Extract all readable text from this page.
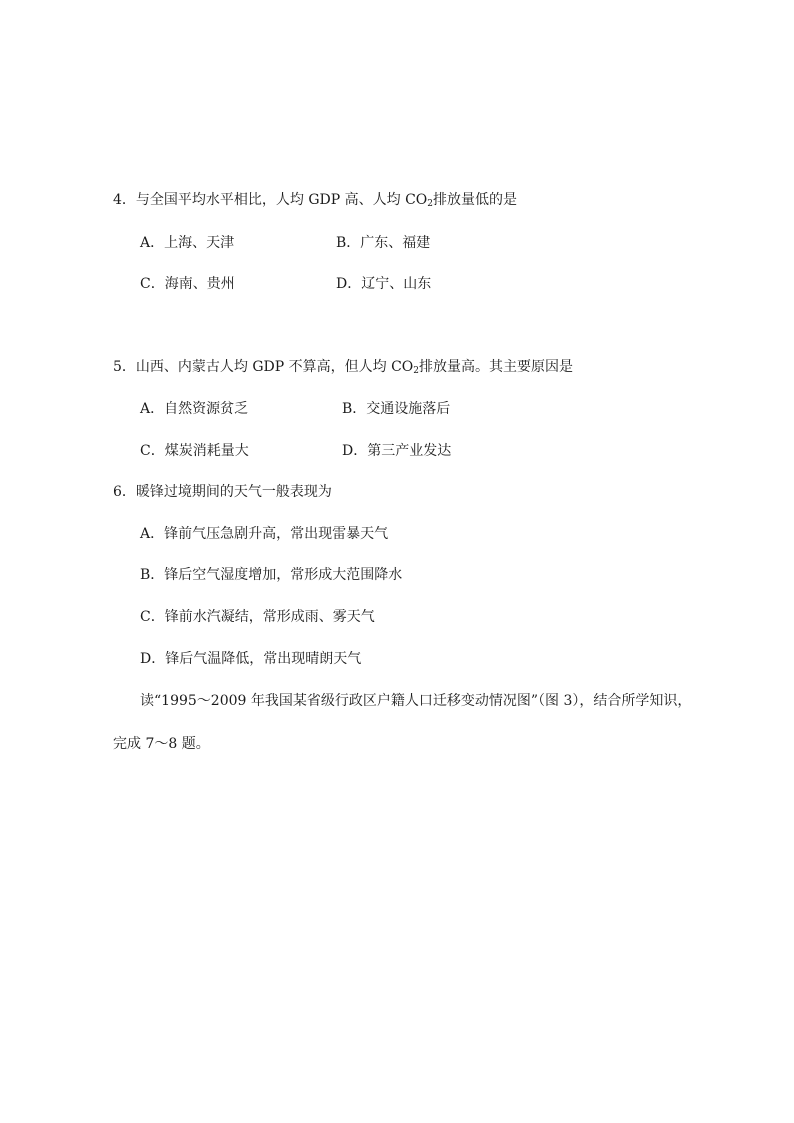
4．与全国平均水平相比，人均 GDP 高、人均 $CO_2$排放量低的是
A．上海、天津	B．广东、福建
C．海南、贵州	D．辽宁、山东
5．山西、内蒙古人均 GDP 不算高，但人均 $CO_2$排放量高。其主要原因是
A．自然资源贫乏	B．交通设施落后
C．煤炭消耗量大	D．第三产业发达
6．暖锋过境期间的天气一般表现为
A．锋前气压急剧升高，常出现雷暴天气
B．锋后空气湿度增加，常形成大范围降水
C．锋前水汽凝结，常形成雨、雾天气
D．锋后气温降低，常出现晴朗天气
读“1995～2009 年我国某省级行政区户籍人口迁移变动情况图”（图 3），结合所学知识，
完成 7～8 题。
